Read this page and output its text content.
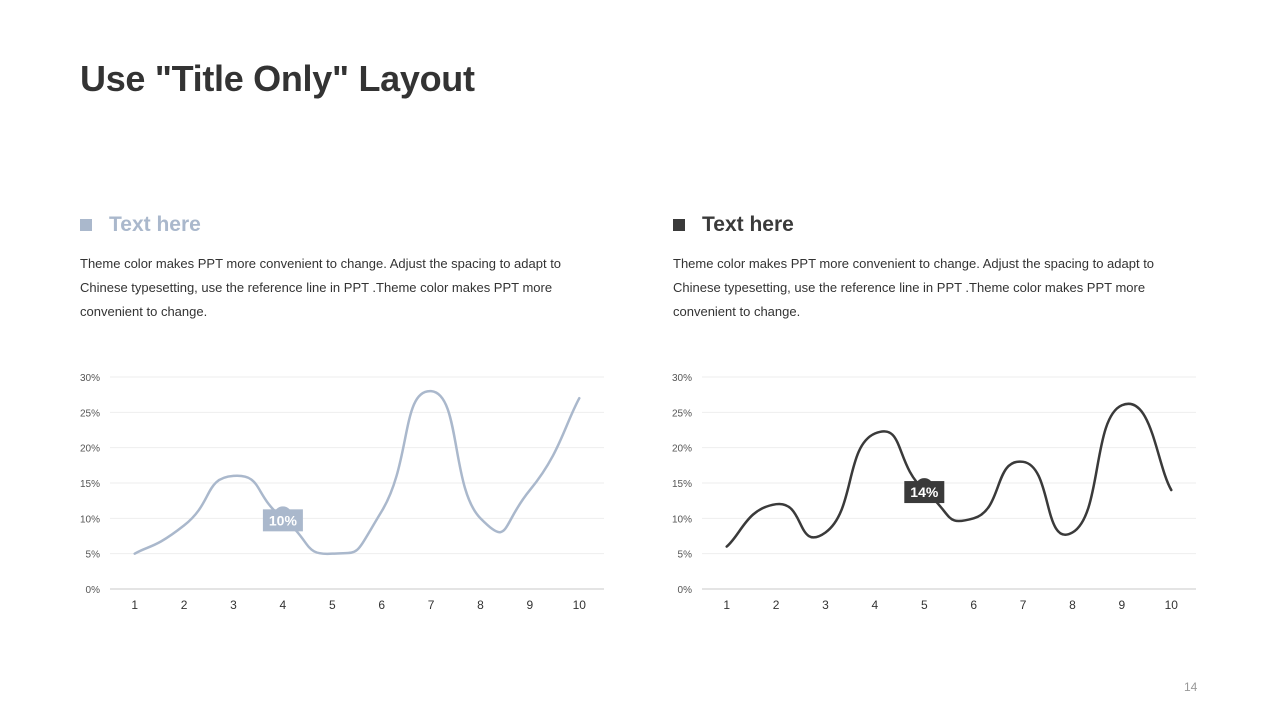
Use "Title Only" Layout
Text here
Theme color makes PPT more convenient to change. Adjust the spacing to adapt to Chinese typesetting, use the reference line in PPT .Theme color makes PPT more convenient to change.
Text here
Theme color makes PPT more convenient to change. Adjust the spacing to adapt to Chinese typesetting, use the reference line in PPT .Theme color makes PPT more convenient to change.
0%
5%
10%
15%
20%
25%
30%
1	2	3	4	5	6	7	8	9	10
10%
0%
5%
10%
15%
20%
25%
30%
1	2	3	4	5	6	7	8	9	10
14%
14
